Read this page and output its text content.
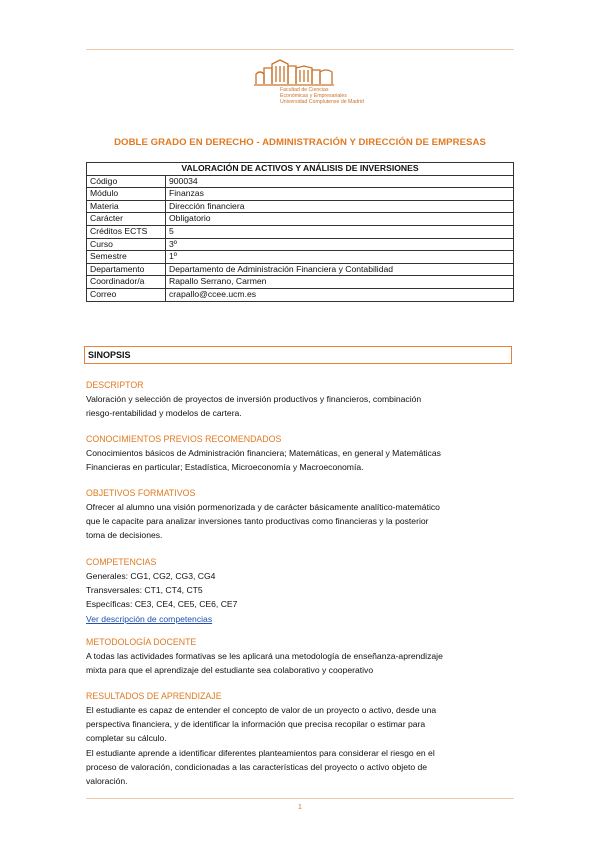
Facultad de Ciencias
Económicas y Empresariales
Universidad Complutense de Madrid
DOBLE GRADO EN DERECHO - ADMINISTRACIÓN Y DIRECCIÓN DE EMPRESAS
VALORACIÓN DE ACTIVOS Y ANÁLISIS DE INVERSIONES	
Código	900034
Módulo	Finanzas
Materia	Dirección financiera
Carácter	Obligatorio
Créditos ECTS	5
Curso	3º
Semestre	1º
Departamento	Departamento de Administración Financiera y Contabilidad
Coordinador/a	Rapallo Serrano, Carmen
Correo	crapallo@ccee.ucm.es
SINOPSIS
DESCRIPTOR
Valoración y selección de proyectos de inversión productivos y financieros, combinación
riesgo-rentabilidad y modelos de cartera.
CONOCIMIENTOS PREVIOS RECOMENDADOS
Conocimientos básicos de Administración financiera; Matemáticas, en general y Matemáticas
Financieras en particular; Estadística, Microeconomía y Macroeconomía.
OBJETIVOS FORMATIVOS
Ofrecer al alumno una visión pormenorizada y de carácter básicamente analítico-matemático
que le capacite para analizar inversiones tanto productivas como financieras y la posterior
toma de decisiones.
COMPETENCIAS
Generales: CG1, CG2, CG3, CG4
Transversales: CT1, CT4, CT5
Específicas: CE3, CE4, CE5, CE6, CE7
Ver descripción de competencias
METODOLOGÍA DOCENTE
A todas las actividades formativas se les aplicará una metodología de enseñanza-aprendizaje
mixta para que el aprendizaje del estudiante sea colaborativo y cooperativo
RESULTADOS DE APRENDIZAJE
El estudiante es capaz de entender el concepto de valor de un proyecto o activo, desde una
perspectiva financiera, y de identificar la información que precisa recopilar o estimar para
completar su cálculo.
El estudiante aprende a identificar diferentes planteamientos para considerar el riesgo en el
proceso de valoración, condicionadas a las características del proyecto o activo objeto de
valoración.
1
